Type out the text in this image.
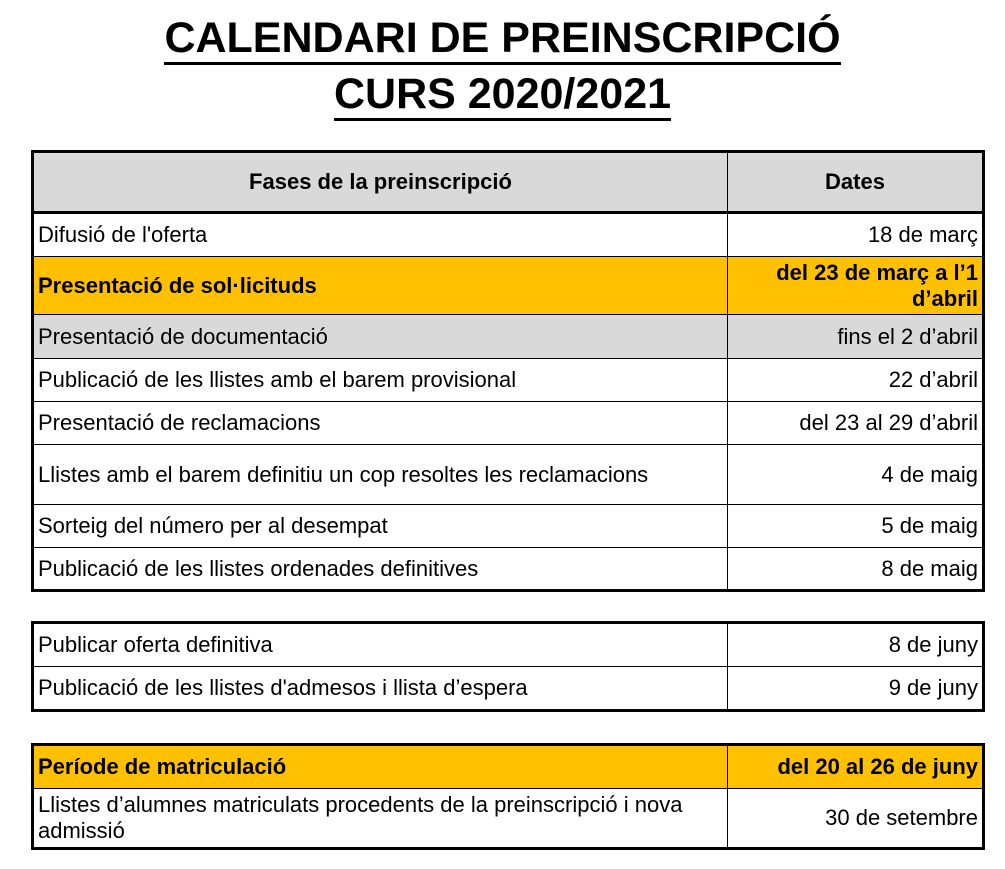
CALENDARI DE PREINSCRIPCIÓ
CURS 2020/2021
Fases de la preinscripció	Dates
Difusió de l'oferta	18 de març
Presentació de sol·licituds	del 23 de març a l’1 d’abril
Presentació de documentació	fins el 2 d’abril
Publicació de les llistes amb el barem provisional	22 d’abril
Presentació de reclamacions	del 23 al 29 d’abril
Llistes amb el barem definitiu un cop resoltes les reclamacions	4 de maig
Sorteig del número per al desempat	5 de maig
Publicació de les llistes ordenades definitives	8 de maig
Publicar oferta definitiva	8 de juny
Publicació de les llistes d'admesos i llista d’espera	9 de juny
Període de matriculació	del 20 al 26 de juny
Llistes d’alumnes matriculats procedents de la preinscripció i nova admissió	30 de setembre
